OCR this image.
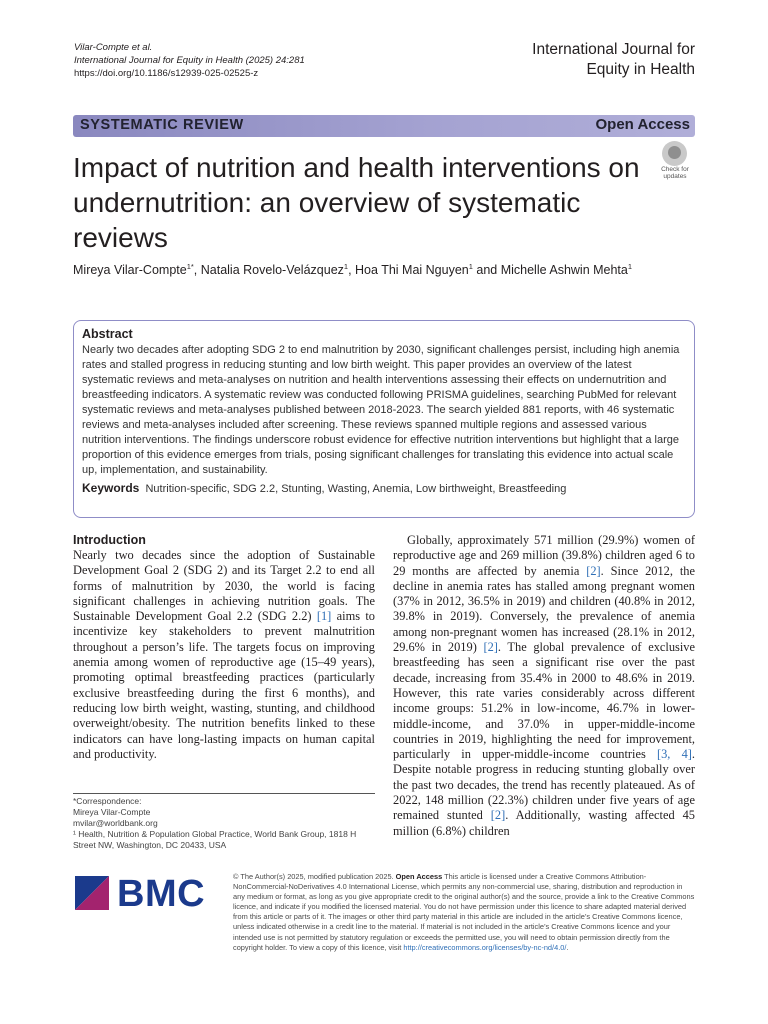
Vilar-Compte et al.
International Journal for Equity in Health (2025) 24:281
https://doi.org/10.1186/s12939-025-02525-z
International Journal for
Equity in Health
SYSTEMATIC REVIEW	Open Access
Impact of nutrition and health interventions on undernutrition: an overview of systematic reviews
Check for
updates
Mireya Vilar-Compte$^{1*}$, Natalia Rovelo-Velázquez$^1$, Hoa Thi Mai Nguyen$^1$ and Michelle Ashwin Mehta$^1$
Abstract
Nearly two decades after adopting SDG 2 to end malnutrition by 2030, significant challenges persist, including high anemia rates and stalled progress in reducing stunting and low birth weight. This paper provides an overview of the latest systematic reviews and meta-analyses on nutrition and health interventions assessing their effects on undernutrition and breastfeeding indicators. A systematic review was conducted following PRISMA guidelines, searching PubMed for relevant systematic reviews and meta-analyses published between 2018-2023. The search yielded 881 reports, with 46 systematic reviews and meta-analyses included after screening. These reviews spanned multiple regions and assessed various nutrition interventions. The findings underscore robust evidence for effective nutrition interventions but highlight that a large proportion of this evidence emerges from trials, posing significant challenges for translating this evidence into actual scale up, implementation, and sustainability.
Keywords Nutrition-specific, SDG 2.2, Stunting, Wasting, Anemia, Low birthweight, Breastfeeding
Introduction

Nearly two decades since the adoption of Sustainable Development Goal 2 (SDG 2) and its Target 2.2 to end all forms of malnutrition by 2030, the world is facing significant challenges in achieving nutrition goals. The Sustainable Development Goal 2.2 (SDG 2.2) [1] aims to incentivize key stakeholders to prevent malnutrition throughout a person’s life. The targets focus on improving anemia among women of reproductive age (15–49 years), promoting optimal breastfeeding practices (particularly exclusive breastfeeding during the first 6 months), and reducing low birth weight, wasting, stunting, and childhood overweight/obesity. The nutrition benefits linked to these indicators can have long-lasting impacts on human capital and productivity.

*Correspondence:
Mireya Vilar-Compte
mvilar@worldbank.org
¹ Health, Nutrition & Population Global Practice, World Bank Group, 1818 H Street NW, Washington, DC 20433, USA

Globally, approximately 571 million (29.9%) women of reproductive age and 269 million (39.8%) children aged 6 to 29 months are affected by anemia [2]. Since 2012, the decline in anemia rates has stalled among pregnant women (37% in 2012, 36.5% in 2019) and children (40.8% in 2012, 39.8% in 2019). Conversely, the prevalence of anemia among non-pregnant women has increased (28.1% in 2012, 29.6% in 2019) [2]. The global prevalence of exclusive breastfeeding has seen a significant rise over the past decade, increasing from 35.4% in 2000 to 48.6% in 2019. However, this rate varies considerably across different income groups: 51.2% in low-income, 46.7% in lower-middle-income, and 37.0% in upper-middle-income countries in 2019, highlighting the need for improvement, particularly in upper-middle-income countries [3, 4]. Despite notable progress in reducing stunting globally over the past two decades, the trend has recently plateaued. As of 2022, 148 million (22.3%) children under five years of age remained stunted [2]. Additionally, wasting affected 45 million (6.8%) children

BMC	© The Author(s) 2025, modified publication 2025. Open Access This article is licensed under a Creative Commons Attribution-NonCommercial-NoDerivatives 4.0 International License, which permits any non-commercial use, sharing, distribution and reproduction in any medium or format, as long as you give appropriate credit to the original author(s) and the source, provide a link to the Creative Commons licence, and indicate if you modified the licensed material. You do not have permission under this licence to share adapted material derived from this article or parts of it. The images or other third party material in this article are included in the article’s Creative Commons licence, unless indicated otherwise in a credit line to the material. If material is not included in the article’s Creative Commons licence and your intended use is not permitted by statutory regulation or exceeds the permitted use, you will need to obtain permission directly from the copyright holder. To view a copy of this licence, visit http://creativecommons.org/licenses/by-nc-nd/4.0/.
